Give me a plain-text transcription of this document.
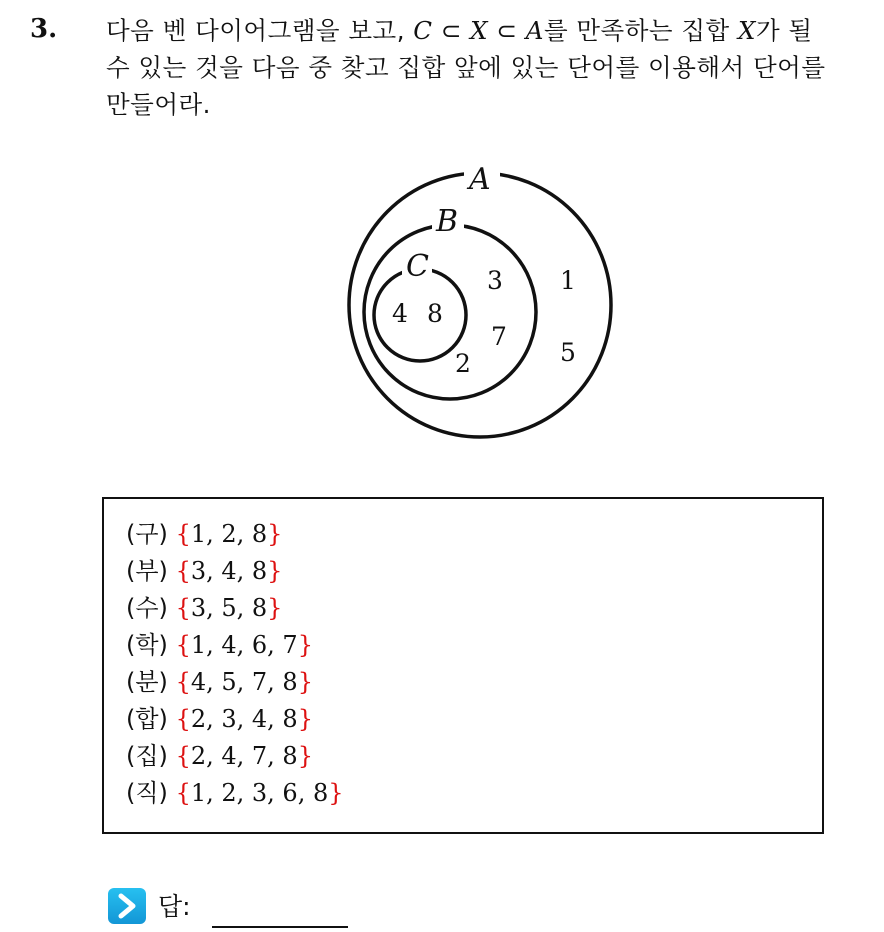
3. 다음 벤 다이어그램을 보고, C ⊂ X ⊂ A를 만족하는 집합 X가 될
수 있는 것을 다음 중 찾고 집합 앞에 있는 단어를 이용해서 단어를
만들어라.
A
B
C
4 8
3
7
2
1
5
(구) {1, 2, 8}
(부) {3, 4, 8}
(수) {3, 5, 8}
(학) {1, 4, 6, 7}
(분) {4, 5, 7, 8}
(합) {2, 3, 4, 8}
(집) {2, 4, 7, 8}
(직) {1, 2, 3, 6, 8}
답:
